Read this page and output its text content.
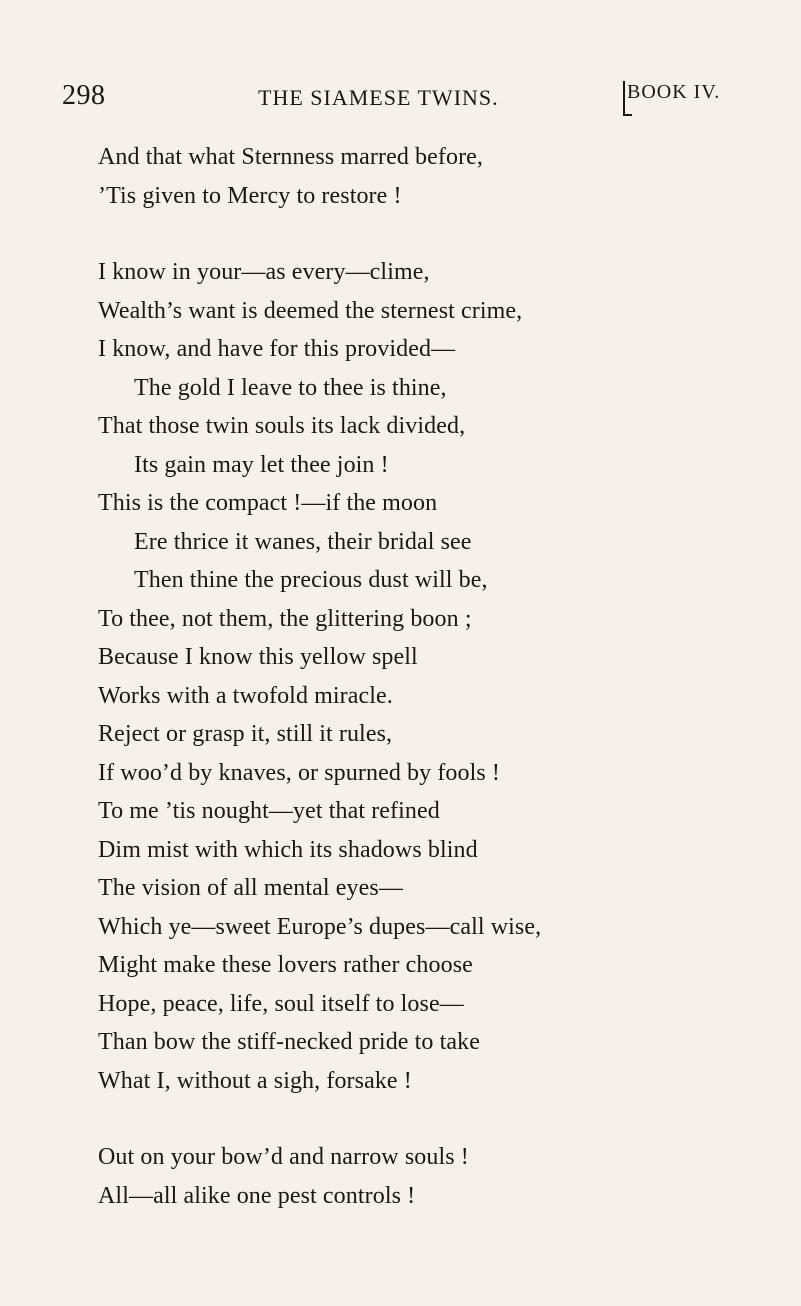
298	THE SIAMESE TWINS.	BOOK IV.
And that what Sternness marred before,
’Tis given to Mercy to restore !
I know in your—as every—clime,
Wealth’s want is deemed the sternest crime,
I know, and have for this provided—
The gold I leave to thee is thine,
That those twin souls its lack divided,
Its gain may let thee join !
This is the compact !—if the moon
Ere thrice it wanes, their bridal see
Then thine the precious dust will be,
To thee, not them, the glittering boon ;
Because I know this yellow spell
Works with a twofold miracle.
Reject or grasp it, still it rules,
If woo’d by knaves, or spurned by fools !
To me ’tis nought—yet that refined
Dim mist with which its shadows blind
The vision of all mental eyes—
Which ye—sweet Europe’s dupes—call wise,
Might make these lovers rather choose
Hope, peace, life, soul itself to lose—
Than bow the stiff-necked pride to take
What I, without a sigh, forsake !
Out on your bow’d and narrow souls !
All—all alike one pest controls !
